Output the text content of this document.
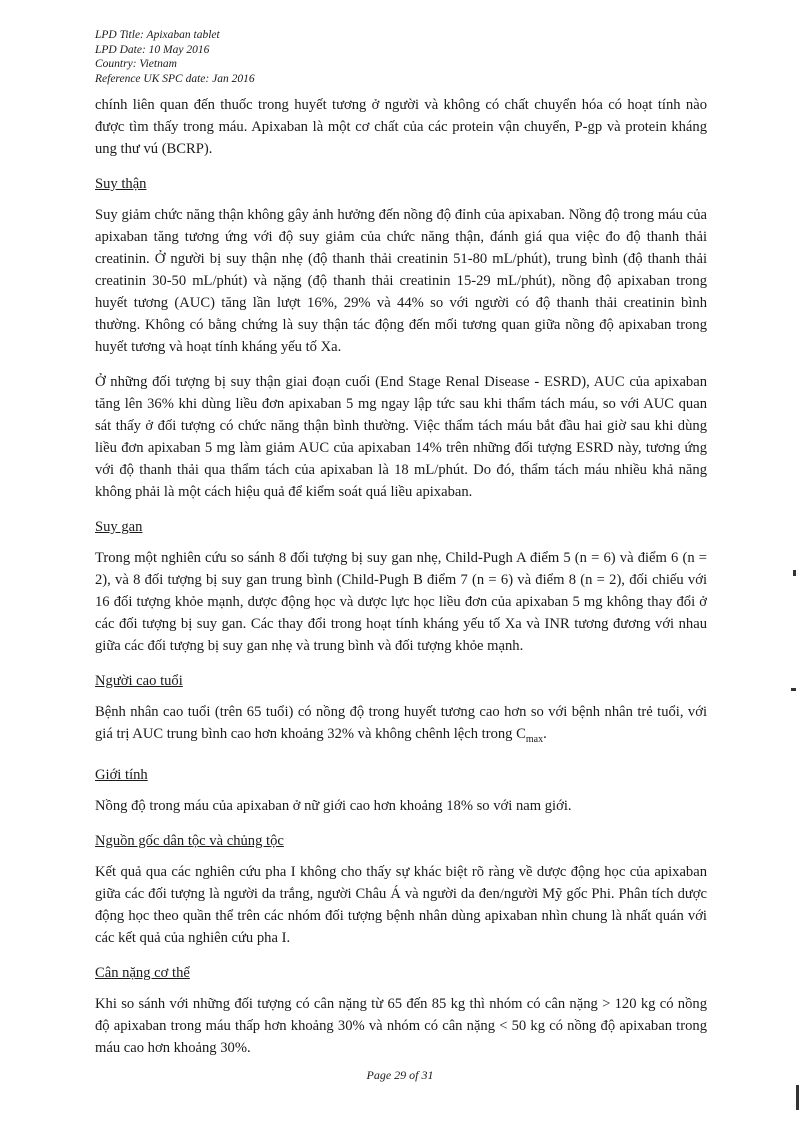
LPD Title: Apixaban tablet
LPD Date: 10 May 2016
Country: Vietnam
Reference UK SPC date: Jan 2016

chính liên quan đến thuốc trong huyết tương ở người và không có chất chuyển hóa có hoạt tính nào được tìm thấy trong máu. Apixaban là một cơ chất của các protein vận chuyển, P-gp và protein kháng ung thư vú (BCRP).

Suy thận

Suy giảm chức năng thận không gây ảnh hưởng đến nồng độ đỉnh của apixaban. Nồng độ trong máu của apixaban tăng tương ứng với độ suy giảm của chức năng thận, đánh giá qua việc đo độ thanh thải creatinin. Ở người bị suy thận nhẹ (độ thanh thải creatinin 51-80 mL/phút), trung bình (độ thanh thải creatinin 30-50 mL/phút) và nặng (độ thanh thải creatinin 15-29 mL/phút), nồng độ apixaban trong huyết tương (AUC) tăng lần lượt 16%, 29% và 44% so với người có độ thanh thải creatinin bình thường. Không có bằng chứng là suy thận tác động đến mối tương quan giữa nồng độ apixaban trong huyết tương và hoạt tính kháng yếu tố Xa.

Ở những đối tượng bị suy thận giai đoạn cuối (End Stage Renal Disease - ESRD), AUC của apixaban tăng lên 36% khi dùng liều đơn apixaban 5 mg ngay lập tức sau khi thẩm tách máu, so với AUC quan sát thấy ở đối tượng có chức năng thận bình thường. Việc thẩm tách máu bắt đầu hai giờ sau khi dùng liều đơn apixaban 5 mg làm giảm AUC của apixaban 14% trên những đối tượng ESRD này, tương ứng với độ thanh thải qua thẩm tách của apixaban là 18 mL/phút. Do đó, thẩm tách máu nhiều khả năng không phải là một cách hiệu quả để kiểm soát quá liều apixaban.

Suy gan

Trong một nghiên cứu so sánh 8 đối tượng bị suy gan nhẹ, Child-Pugh A điểm 5 (n = 6) và điểm 6 (n = 2), và 8 đối tượng bị suy gan trung bình (Child-Pugh B điểm 7 (n = 6) và điểm 8 (n = 2), đối chiếu với 16 đối tượng khỏe mạnh, dược động học và dược lực học liều đơn của apixaban 5 mg không thay đổi ở các đối tượng bị suy gan. Các thay đổi trong hoạt tính kháng yếu tố Xa và INR tương đương với nhau giữa các đối tượng bị suy gan nhẹ và trung bình và đối tượng khỏe mạnh.

Người cao tuổi

Bệnh nhân cao tuổi (trên 65 tuổi) có nồng độ trong huyết tương cao hơn so với bệnh nhân trẻ tuổi, với giá trị AUC trung bình cao hơn khoảng 32% và không chênh lệch trong $C_{max}$.

Giới tính

Nồng độ trong máu của apixaban ở nữ giới cao hơn khoảng 18% so với nam giới.

Nguồn gốc dân tộc và chủng tộc

Kết quả qua các nghiên cứu pha I không cho thấy sự khác biệt rõ ràng về dược động học của apixaban giữa các đối tượng là người da trắng, người Châu Á và người da đen/người Mỹ gốc Phi. Phân tích dược động học theo quần thể trên các nhóm đối tượng bệnh nhân dùng apixaban nhìn chung là nhất quán với các kết quả của nghiên cứu pha I.

Cân nặng cơ thể

Khi so sánh với những đối tượng có cân nặng từ 65 đến 85 kg thì nhóm có cân nặng > 120 kg có nồng độ apixaban trong máu thấp hơn khoảng 30% và nhóm có cân nặng < 50 kg có nồng độ apixaban trong máu cao hơn khoảng 30%.

Page 29 of 31
